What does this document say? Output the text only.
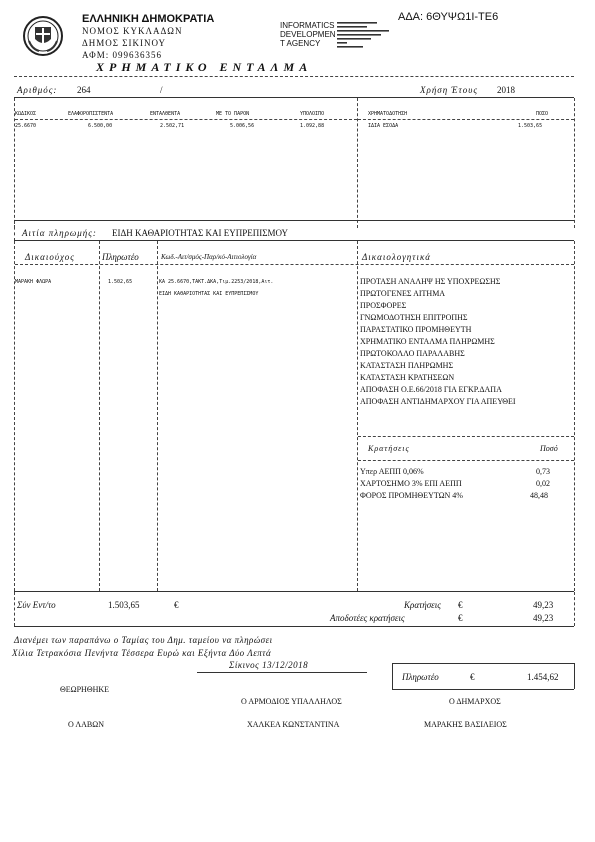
ΕΛΛΗΝΙΚΗ ΔΗΜΟΚΡΑΤΙΑ
ΝΟΜΟΣ ΚΥΚΛΑΔΩΝ
ΔΗΜΟΣ ΣΙΚΙΝΟΥ
ΑΦΜ: 099636356
INFORMATICS
DEVELOPMEN
T AGENCY
ΑΔΑ: 6ΘΥΨΩ1Ι-ΤΕ6
ΧΡΗΜΑΤΙΚΟ ΕΝΤΑΛΜΑ
Αριθμός: 264	/	Χρήση Έτους 2018
ΚΩΔΙΚΟΣ	ΕΛΑΦΟΡΟΠΙΣΤΕΝΤΑ	ΕΝΤΑΛΘΕΝΤΑ	ΜΕ ΤΟ ΠΑΡΟΝ	ΥΠΟΛΟΙΠΟ	ΧΡΗΜΑΤΟΔΟΤΗΣΗ	ΠΟΣΟ
25.6670	6.500,00	2.502,71	5.006,56	1.092,88	ΙΔΙΑ ΕΣΟΔΑ	1.503,65
Αιτία πληρωμής: ΕΙΔΗ ΚΑΘΑΡΙΟΤΗΤΑΣ ΚΑΙ ΕΥΠΡΕΠΙΣΜΟΥ
Δικαιούχος	Πληρωτέο	Κωδ.-Αιτ/σμός-Παρ/κό-Αιτιολογία	Δικαιολογητικά
ΜΑΡΑΚΗ ΦΛΩΡΑ	1.502,65	ΚΑ 25.6670,ΤΑΚΤ.ΔΚΑ,Τιμ.2253/2018,Αιτ.
ΕΙΔΗ ΚΑΘΑΡΙΟΤΗΤΑΣ ΚΑΙ ΕΥΠΡΕΠΙΣΜΟΥ
ΠΡΟΤΑΣΗ ΑΝΑΛΗΨ ΗΣ ΥΠΟΧΡΕΩΣΗΣ
ΠΡΩΤΟΓΕΝΕΣ ΑΙΤΗΜΑ
ΠΡΟΣΦΟΡΕΣ
ΓΝΩΜΟΔΟΤΗΣΗ ΕΠΙΤΡΟΠΗΣ
ΠΑΡΑΣΤΑΤΙΚΟ ΠΡΟΜΗΘΕΥΤΗ
ΧΡΗΜΑΤΙΚΟ ΕΝΤΑΛΜΑ ΠΛΗΡΩΜΗΣ
ΠΡΩΤΟΚΟΛΛΟ ΠΑΡΑΛΑΒΗΣ
ΚΑΤΑΣΤΑΣΗ ΠΛΗΡΩΜΗΣ
ΚΑΤΑΣΤΑΣΗ ΚΡΑΤΗΣΕΩΝ
ΑΠΟΦΑΣΗ Ο.Ε.66/2018 ΓΙΑ ΕΓΚΡ.ΔΑΠΑ
ΑΠΟΦΑΣΗ ΑΝΤΙΔΗΜΑΡΧΟΥ ΓΙΑ ΑΠΕΥΘΕΙ
Κρατήσεις	Ποσό
Υπερ ΑΕΠΠ 0,06%	0,73
ΧΑΡΤΟΣΗΜΟ 3% ΕΠΙ ΑΕΠΠ	0,02
ΦΟΡΟΣ ΠΡΟΜΗΘΕΥΤΩΝ 4%	48,48
Σύν Εντ/το	1.503,65	€	Κρατήσεις €	49,23
Αποδοτέες κρατήσεις	€	49,23
Διανέμει των παραπάνω ο Ταμίας του Δημ. ταμείου να πληρώσει
Χίλια Τετρακόσια Πενήντα Τέσσερα Ευρώ και Εξήντα Δύο Λεπτά
Σίκινος 13/12/2018
Πληρωτέο	€	1.454,62
ΘΕΩΡΗΘΗΚΕ
Ο ΑΡΜΟΔΙΟΣ ΥΠΑΛΛΗΛΟΣ	Ο ΔΗΜΑΡΧΟΣ
Ο ΛΑΒΩΝ	ΧΑΛΚΕΑ ΚΩΝΣΤΑΝΤΙΝΑ	ΜΑΡΑΚΗΣ ΒΑΣΙΛΕΙΟΣ
